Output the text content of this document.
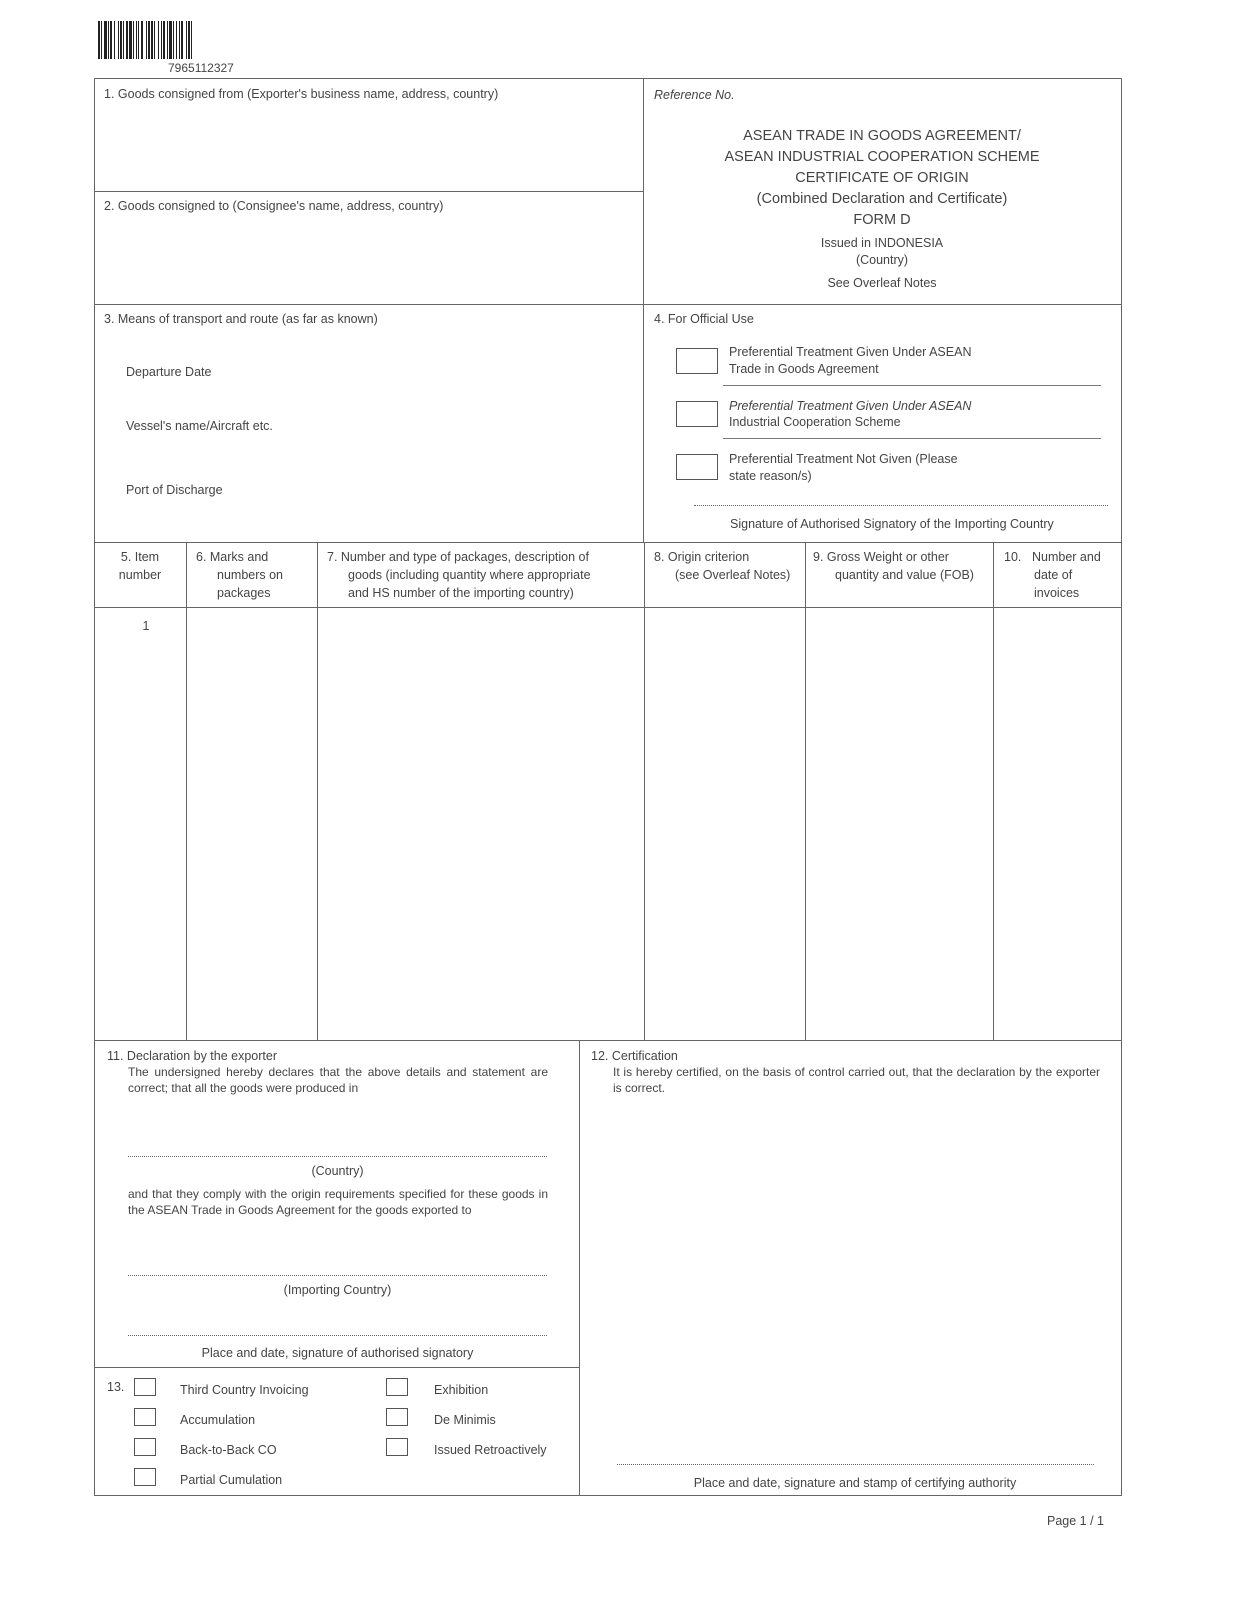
7965112327
1. Goods consigned from (Exporter's business name, address, country)
2. Goods consigned to (Consignee's name, address, country)
Reference No.
ASEAN TRADE IN GOODS AGREEMENT/
ASEAN INDUSTRIAL COOPERATION SCHEME
CERTIFICATE OF ORIGIN
(Combined Declaration and Certificate)
FORM D
Issued in INDONESIA
(Country)
See Overleaf Notes
3. Means of transport and route (as far as known)
Departure Date
Vessel's name/Aircraft etc.
Port of Discharge
4. For Official Use
Preferential Treatment Given Under ASEAN
Trade in Goods Agreement
Preferential Treatment Given Under ASEAN
Industrial Cooperation Scheme
Preferential Treatment Not Given (Please
state reason/s)
Signature of Authorised Signatory of the Importing Country
5. Item
number
6. Marks and
numbers on
packages
7. Number and type of packages, description of
goods (including quantity where appropriate
and HS number of the importing country)
8. Origin criterion
(see Overleaf Notes)
9. Gross Weight or other
quantity and value (FOB)
10. Number and
date of
invoices
1
11. Declaration by the exporter
The undersigned hereby declares that the above details and statement are correct; that all the goods were produced in
(Country)
and that they comply with the origin requirements specified for these goods in the ASEAN Trade in Goods Agreement for the goods exported to
(Importing Country)
Place and date, signature of authorised signatory
12. Certification
It is hereby certified, on the basis of control carried out, that the declaration by the exporter is correct.
Place and date, signature and stamp of certifying authority
13.	Third Country Invoicing
Accumulation
Back-to-Back CO
Partial Cumulation
Exhibition
De Minimis
Issued Retroactively
Page 1 / 1
